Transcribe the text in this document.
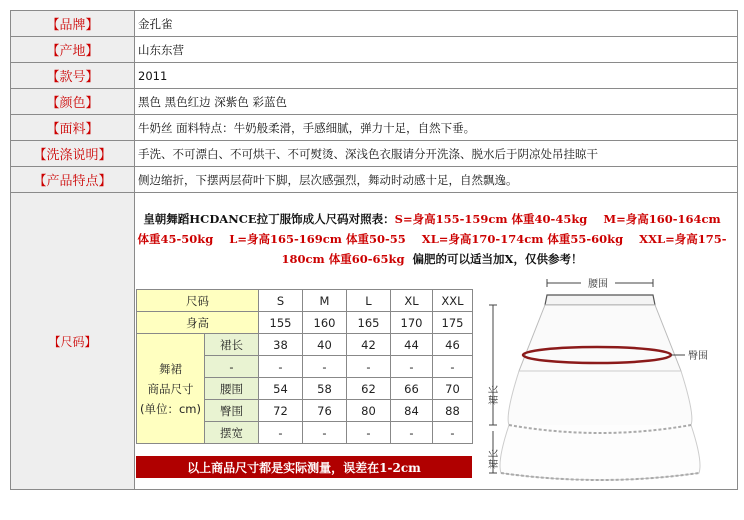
【品牌】	金孔雀
【产地】	山东东营
【款号】	2011
【颜色】	黑色 黑色红边 深紫色 彩蓝色
【面料】	牛奶丝 面料特点：牛奶般柔滑，手感细腻，弹力十足，自然下垂。
【洗涤说明】	手洗、不可漂白、不可烘干、不可熨烫、深浅色衣服请分开洗涤、脱水后于阴凉处吊挂晾干
【产品特点】	侧边缩折，下摆两层荷叶下脚，层次感强烈，舞动时动感十足，自然飘逸。
【尺码】
皇朝舞蹈HCDANCE拉丁服饰成人尺码对照表：S=身高155-159cm 体重40-45kg M=身高160-164cm 体重45-50kg L=身高165-169cm 体重50-55 XL=身高170-174cm 体重55-60kg XXL=身高175-180cm 体重60-65kg 偏肥的可以适当加X，仅供参考！
尺码		S	M	L	XL	XXL
身高		155	160	165	170	175

舞裙
商品尺寸
(单位：cm)	裙长	38	40	42	44	46
	-	-	-	-	-	-
	腰围	54	58	62	66	70
	臀围	72	76	80	84	88
	摆宽	-	-	-	-	-
以上商品尺寸都是实际测量，误差在1-2cm
腰围
臀围
裙长
裙长
